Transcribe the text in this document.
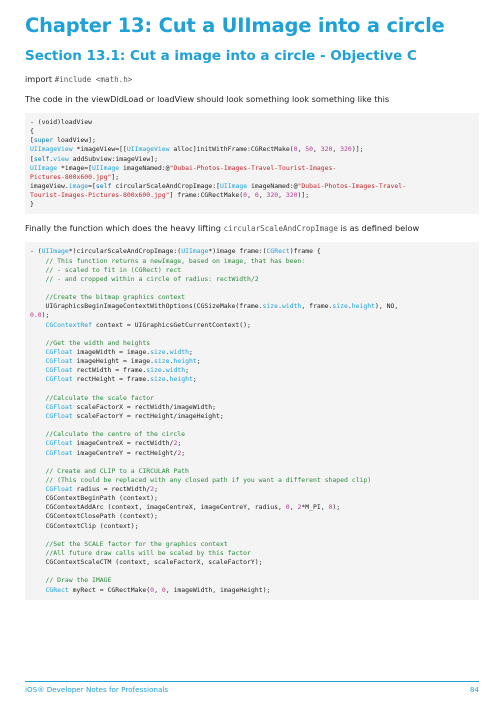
Chapter 13: Cut a UIImage into a circle
Section 13.1: Cut a image into a circle - Objective C

import #include <math.h>

The code in the viewDidLoad or loadView should look something look something like this

- (void)loadView
{
[super loadView];
UIImageView *imageView=[[UIImageView alloc]initWithFrame:CGRectMake(0, 50, 320, 320)];
[self.view addSubview:imageView];
UIImage *image=[UIImage imageNamed:@"Dubai-Photos-Images-Travel-Tourist-Images-
Pictures-800x600.jpg"];
imageView.image=[self circularScaleAndCropImage:[UIImage imageNamed:@"Dubai-Photos-Images-Travel-
Tourist-Images-Pictures-800x600.jpg"] frame:CGRectMake(0, 0, 320, 320)];
}

Finally the function which does the heavy lifting circularScaleAndCropImage is as defined below

- (UIImage*)circularScaleAndCropImage:(UIImage*)image frame:(CGRect)frame {
// This function returns a newImage, based on image, that has been:
// - scaled to fit in (CGRect) rect
// - and cropped within a circle of radius: rectWidth/2
//Create the bitmap graphics context
UIGraphicsBeginImageContextWithOptions(CGSizeMake(frame.size.width, frame.size.height), NO,
0.0);
CGContextRef context = UIGraphicsGetCurrentContext();
//Get the width and heights
CGFloat imageWidth = image.size.width;
CGFloat imageHeight = image.size.height;
CGFloat rectWidth = frame.size.width;
CGFloat rectHeight = frame.size.height;
//Calculate the scale factor
CGFloat scaleFactorX = rectWidth/imageWidth;
CGFloat scaleFactorY = rectHeight/imageHeight;
//Calculate the centre of the circle
CGFloat imageCentreX = rectWidth/2;
CGFloat imageCentreY = rectHeight/2;
// Create and CLIP to a CIRCULAR Path
// (This could be replaced with any closed path if you want a different shaped clip)
CGFloat radius = rectWidth/2;
CGContextBeginPath (context);
CGContextAddArc (context, imageCentreX, imageCentreY, radius, 0, 2*M_PI, 0);
CGContextClosePath (context);
CGContextClip (context);
//Set the SCALE factor for the graphics context
//All future draw calls will be scaled by this factor
CGContextScaleCTM (context, scaleFactorX, scaleFactorY);
// Draw the IMAGE
CGRect myRect = CGRectMake(0, 0, imageWidth, imageHeight);
iOS® Developer Notes for Professionals	84
